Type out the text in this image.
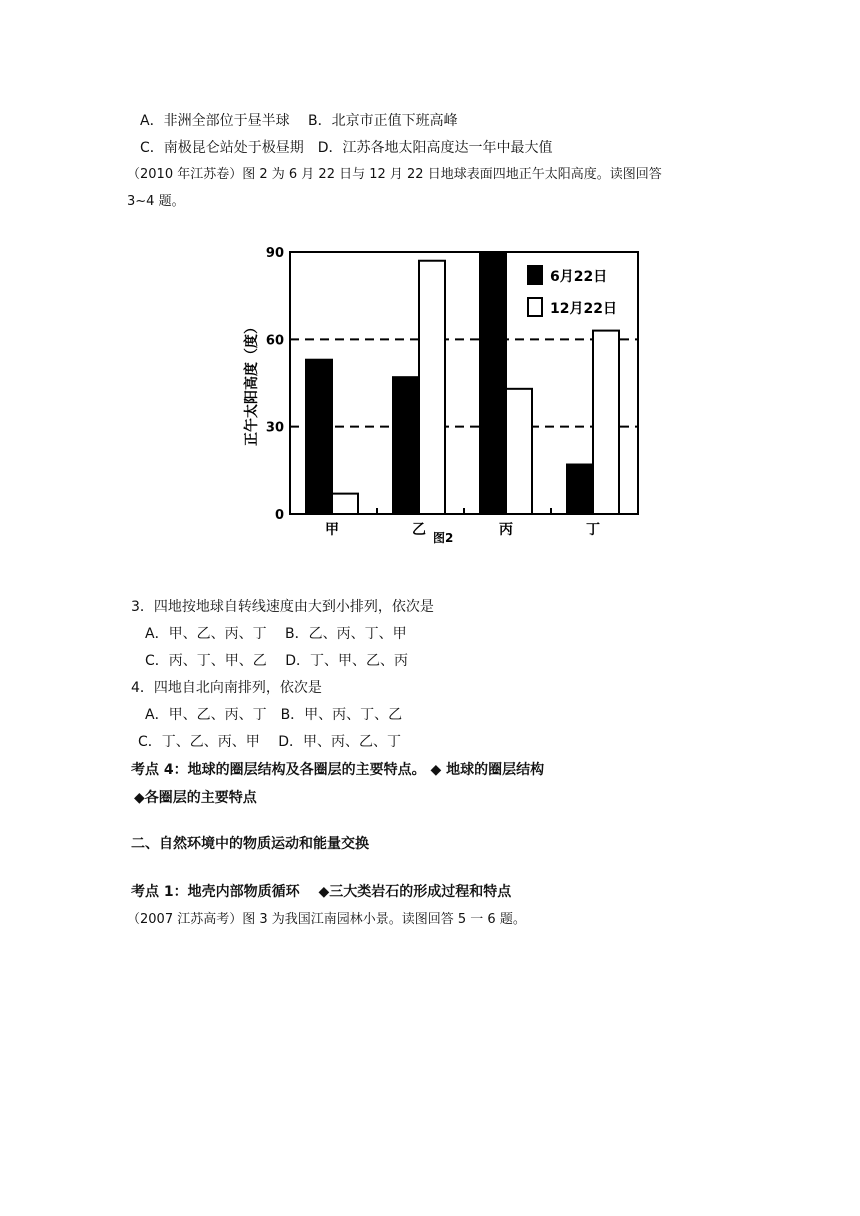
A．非洲全部位于昼半球　 B．北京市正值下班高峰
C．南极昆仑站处于极昼期　D．江苏各地太阳高度达一年中最大值
（2010 年江苏卷）图 2 为 6 月 22 日与 12 月 22 日地球表面四地正午太阳高度。读图回答
3~4 题。
0
30
60
90
正午太阳高度（度）
甲	乙	丙	丁
图2
6月22日
12月22日
3．四地按地球自转线速度由大到小排列，依次是
A．甲、乙、丙、丁　 B．乙、丙、丁、甲
C．丙、丁、甲、乙　 D．丁、甲、乙、丙
4．四地自北向南排列，依次是
A．甲、乙、丙、丁　B．甲、丙、丁、乙
C．丁、乙、丙、甲　 D．甲、丙、乙、丁
考点 4：地球的圈层结构及各圈层的主要特点。 ◆ 地球的圈层结构
◆各圈层的主要特点
二、自然环境中的物质运动和能量交换
考点 1：地壳内部物质循环　 ◆三大类岩石的形成过程和特点
（2007 江苏高考）图 3 为我国江南园林小景。读图回答 5 一 6 题。
